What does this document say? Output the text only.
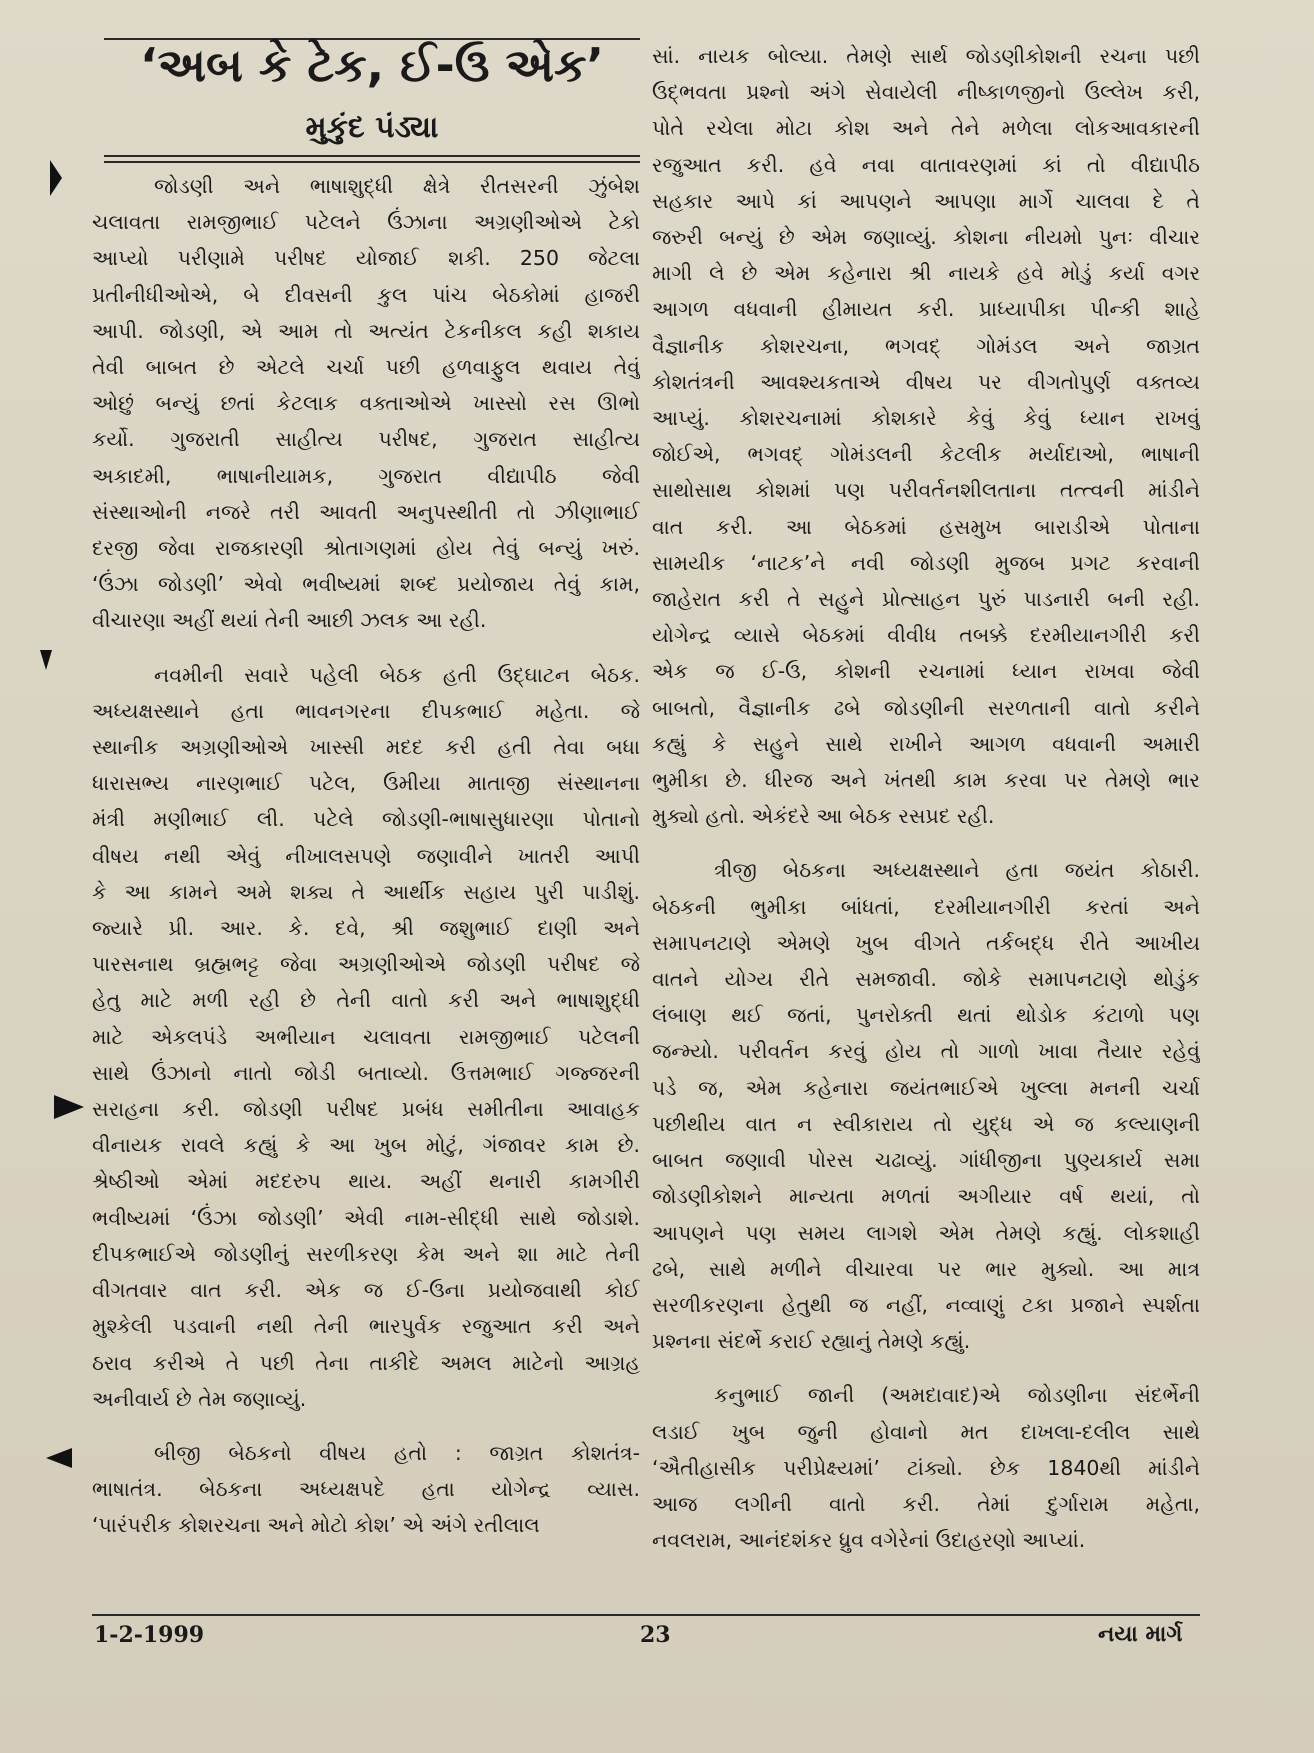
‘અબ કે ટેક, ઈ-ઉ એક’
મુકુંદ પંડ્યા
જોડણી અને ભાષાશુદ્ધી ક્ષેત્રે રીતસરની ઝુંબેશ
ચલાવતા રામજીભાઈ પટેલને ઉંઝાના અગ્રણીઓએ ટેકો
આપ્યો પરીણામે પરીષદ યોજાઈ શકી. 250 જેટલા
પ્રતીનીધીઓએ, બે દીવસની કુલ પાંચ બેઠકોમાં હાજરી
આપી. જોડણી, એ આમ તો અત્યંત ટેકનીકલ કહી શકાય
તેવી બાબત છે એટલે ચર્ચા પછી હળવાફુલ થવાય તેવું
ઓછું બન્યું છતાં કેટલાક વક્તાઓએ ખાસ્સો રસ ઊભો
કર્યો. ગુજરાતી સાહીત્ય પરીષદ, ગુજરાત સાહીત્ય
અકાદમી, ભાષાનીયામક, ગુજરાત વીદ્યાપીઠ જેવી
સંસ્થાઓની નજરે તરી આવતી અનુપસ્થીતી તો ઝીણાભાઈ
દરજી જેવા રાજકારણી શ્રોતાગણમાં હોય તેવું બન્યું ખરું.
‘ઉંઝા જોડણી’ એવો ભવીષ્યમાં શબ્દ પ્રયોજાય તેવું કામ,
વીચારણા અહીં થયાં તેની આછી ઝલક આ રહી.
નવમીની સવારે પહેલી બેઠક હતી ઉદ્ઘાટન બેઠક.
અધ્યક્ષસ્થાને હતા ભાવનગરના દીપકભાઈ મહેતા. જે
સ્થાનીક અગ્રણીઓએ ખાસ્સી મદદ કરી હતી તેવા બધા
ધારાસભ્ય નારણભાઈ પટેલ, ઉમીયા માતાજી સંસ્થાનના
મંત્રી મણીભાઈ લી. પટેલે જોડણી-ભાષાસુધારણા પોતાનો
વીષય નથી એવું નીખાલસપણે જણાવીને ખાતરી આપી
કે આ કામને અમે શક્ય તે આર્થીક સહાય પુરી પાડીશું.
જ્યારે પ્રી. આર. કે. દવે, શ્રી જશુભાઈ દાણી અને
પારસનાથ બ્રહ્મભટ્ટ જેવા અગ્રણીઓએ જોડણી પરીષદ જે
હેતુ માટે મળી રહી છે તેની વાતો કરી અને ભાષાશુદ્ધી
માટે એકલપંડે અભીયાન ચલાવતા રામજીભાઈ પટેલની
સાથે ઉંઝાનો નાતો જોડી બતાવ્યો. ઉત્તમભાઈ ગજ્જરની
સરાહના કરી. જોડણી પરીષદ પ્રબંધ સમીતીના આવાહક
વીનાયક રાવલે કહ્યું કે આ ખુબ મોટું, ગંજાવર કામ છે.
શ્રેષ્ઠીઓ એમાં મદદરુપ થાય. અહીં થનારી કામગીરી
ભવીષ્યમાં ‘ઉંઝા જોડણી’ એવી નામ-સીદ્ધી સાથે જોડાશે.
દીપકભાઈએ જોડણીનું સરળીકરણ કેમ અને શા માટે તેની
વીગતવાર વાત કરી. એક જ ઈ-ઉના પ્રયોજવાથી કોઈ
મુશ્કેલી પડવાની નથી તેની ભારપુર્વક રજુઆત કરી અને
ઠરાવ કરીએ તે પછી તેના તાકીદે અમલ માટેનો આગ્રહ
અનીવાર્ય છે તેમ જણાવ્યું.
બીજી બેઠકનો વીષય હતો : જાગ્રત કોશતંત્ર-
ભાષાતંત્ર. બેઠકના અધ્યક્ષપદે હતા યોગેન્દ્ર વ્યાસ.
‘પારંપરીક કોશરચના અને મોટો કોશ’ એ અંગે રતીલાલ
સાં. નાયક બોલ્યા. તેમણે સાર્થ જોડણીકોશની રચના પછી
ઉદ્ભવતા પ્રશ્નો અંગે સેવાયેલી નીષ્કાળજીનો ઉલ્લેખ કરી,
પોતે રચેલા મોટા કોશ અને તેને મળેલા લોકઆવકારની
રજુઆત કરી. હવે નવા વાતાવરણમાં કાં તો વીદ્યાપીઠ
સહકાર આપે કાં આપણને આપણા માર્ગે ચાલવા દે તે
જરુરી બન્યું છે એમ જણાવ્યું. કોશના નીયમો પુનઃ વીચાર
માગી લે છે એમ કહેનારા શ્રી નાયકે હવે મોડું કર્યા વગર
આગળ વધવાની હીમાયત કરી. પ્રાધ્યાપીકા પીન્કી શાહે
વૈજ્ઞાનીક કોશરચના, ભગવદ્ ગોમંડલ અને જાગ્રત
કોશતંત્રની આવશ્યકતાએ વીષય પર વીગતોપુર્ણ વક્તવ્ય
આપ્યું. કોશરચનામાં કોશકારે કેવું કેવું ધ્યાન રાખવું
જોઈએ, ભગવદ્ ગોમંડલની કેટલીક મર્યાદાઓ, ભાષાની
સાથોસાથ કોશમાં પણ પરીવર્તનશીલતાના તત્ત્વની માંડીને
વાત કરી. આ બેઠકમાં હસમુખ બારાડીએ પોતાના
સામયીક ‘નાટક’ને નવી જોડણી મુજબ પ્રગટ કરવાની
જાહેરાત કરી તે સહુને પ્રોત્સાહન પુરું પાડનારી બની રહી.
યોગેન્દ્ર વ્યાસે બેઠકમાં વીવીધ તબક્કે દરમીયાનગીરી કરી
એક જ ઈ-ઉ, કોશની રચનામાં ધ્યાન રાખવા જેવી
બાબતો, વૈજ્ઞાનીક ઢબે જોડણીની સરળતાની વાતો કરીને
કહ્યું કે સહુને સાથે રાખીને આગળ વધવાની અમારી
ભુમીકા છે. ધીરજ અને ખંતથી કામ કરવા પર તેમણે ભાર
મુક્યો હતો. એકંદરે આ બેઠક રસપ્રદ રહી.
ત્રીજી બેઠકના અધ્યક્ષસ્થાને હતા જયંત કોઠારી.
બેઠકની ભુમીકા બાંધતાં, દરમીયાનગીરી કરતાં અને
સમાપનટાણે એમણે ખુબ વીગતે તર્કબદ્ધ રીતે આખીય
વાતને યોગ્ય રીતે સમજાવી. જોકે સમાપનટાણે થોડુંક
લંબાણ થઈ જતાં, પુનરોક્તી થતાં થોડોક કંટાળો પણ
જન્મ્યો. પરીવર્તન કરવું હોય તો ગાળો ખાવા તૈયાર રહેવું
પડે જ, એમ કહેનારા જયંતભાઈએ ખુલ્લા મનની ચર્ચા
પછીથીય વાત ન સ્વીકારાય તો યુદ્ધ એ જ કલ્યાણની
બાબત જણાવી પોરસ ચઢાવ્યું. ગાંધીજીના પુણ્યકાર્ય સમા
જોડણીકોશને માન્યતા મળતાં અગીયાર વર્ષ થયાં, તો
આપણને પણ સમય લાગશે એમ તેમણે કહ્યું. લોકશાહી
ઢબે, સાથે મળીને વીચારવા પર ભાર મુક્યો. આ માત્ર
સરળીકરણના હેતુથી જ નહીં, નવ્વાણું ટકા પ્રજાને સ્પર્શતા
પ્રશ્નના સંદર્ભે કરાઈ રહ્યાનું તેમણે કહ્યું.
કનુભાઈ જાની (અમદાવાદ)એ જોડણીના સંદર્ભેની
લડાઈ ખુબ જુની હોવાનો મત દાખલા-દલીલ સાથે
‘ઐતીહાસીક પરીપ્રેક્ષ્યમાં’ ટાંક્યો. છેક 1840થી માંડીને
આજ લગીની વાતો કરી. તેમાં દુર્ગારામ મહેતા,
નવલરામ, આનંદશંકર ધ્રુવ વગેરેનાં ઉદાહરણો આપ્યાં.
1-2-1999	23	નયા માર્ગ
